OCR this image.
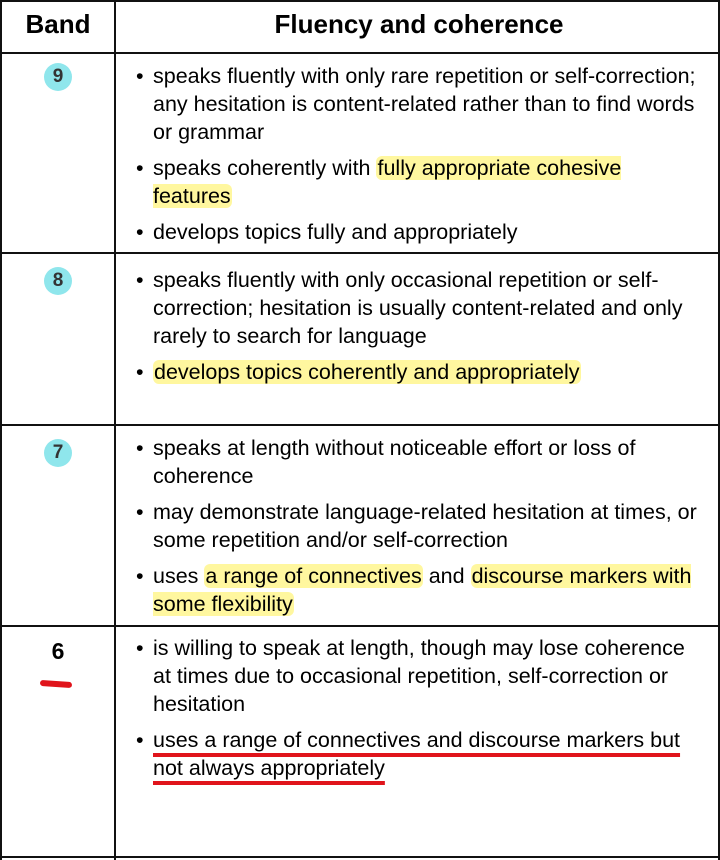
Band	Fluency and coherence
9
8
7
6
• speaks fluently with only rare repetition or self-correction; any hesitation is content-related rather than to find words or grammar
• speaks coherently with fully appropriate cohesive features
• develops topics fully and appropriately
• speaks fluently with only occasional repetition or self-correction; hesitation is usually content-related and only rarely to search for language
• develops topics coherently and appropriately
• speaks at length without noticeable effort or loss of coherence
• may demonstrate language-related hesitation at times, or some repetition and/or self-correction
• uses a range of connectives and discourse markers with some flexibility
• is willing to speak at length, though may lose coherence at times due to occasional repetition, self-correction or hesitation
• uses a range of connectives and discourse markers but not always appropriately
